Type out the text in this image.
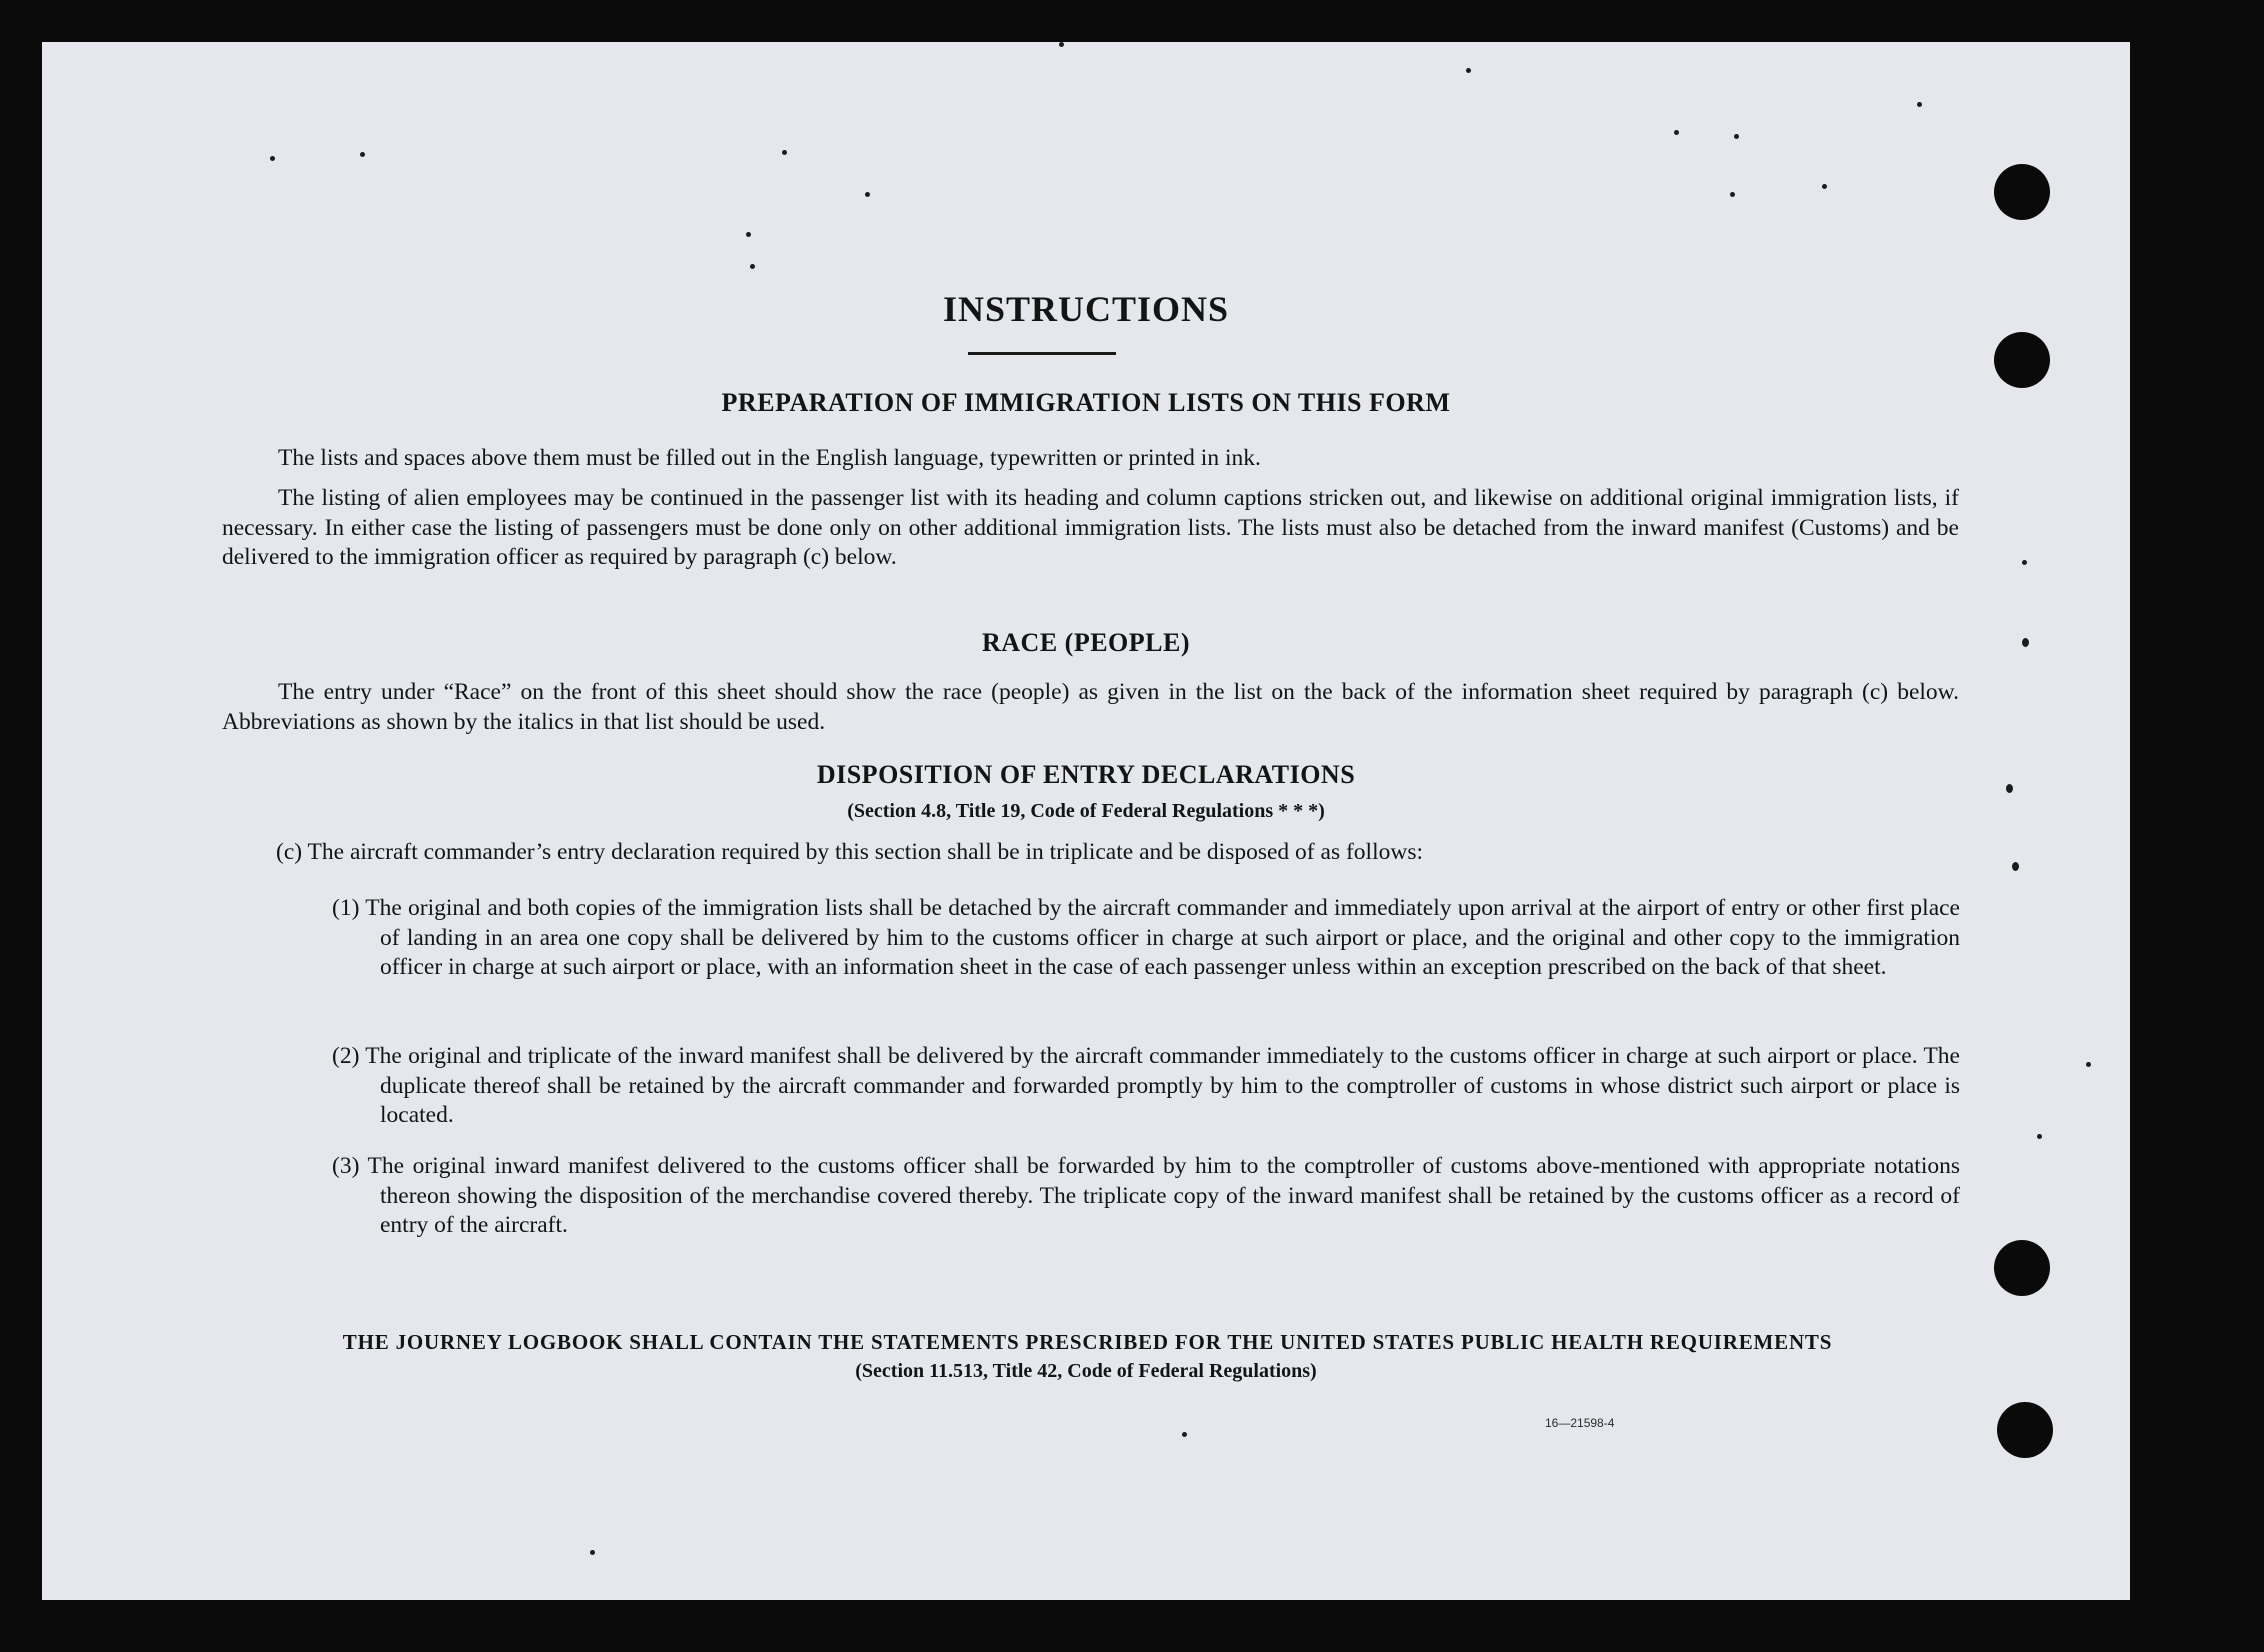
INSTRUCTIONS
PREPARATION OF IMMIGRATION LISTS ON THIS FORM
The lists and spaces above them must be filled out in the English language, typewritten or printed in ink.
The listing of alien employees may be continued in the passenger list with its heading and column captions stricken out, and likewise on additional original immigration lists, if necessary. In either case the listing of passengers must be done only on other additional immigration lists. The lists must also be detached from the inward manifest (Customs) and be delivered to the immigration officer as required by paragraph (c) below.
RACE (PEOPLE)
The entry under “Race” on the front of this sheet should show the race (people) as given in the list on the back of the information sheet required by paragraph (c) below. Abbreviations as shown by the italics in that list should be used.
DISPOSITION OF ENTRY DECLARATIONS
(Section 4.8, Title 19, Code of Federal Regulations * * *)
(c) The aircraft commander’s entry declaration required by this section shall be in triplicate and be disposed of as follows:
(1) The original and both copies of the immigration lists shall be detached by the aircraft commander and immediately upon arrival at the airport of entry or other first place of landing in an area one copy shall be delivered by him to the customs officer in charge at such airport or place, and the original and other copy to the immigration officer in charge at such airport or place, with an information sheet in the case of each passenger unless within an exception prescribed on the back of that sheet.
(2) The original and triplicate of the inward manifest shall be delivered by the aircraft commander immediately to the customs officer in charge at such airport or place. The duplicate thereof shall be retained by the aircraft commander and forwarded promptly by him to the comptroller of customs in whose district such airport or place is located.
(3) The original inward manifest delivered to the customs officer shall be forwarded by him to the comptroller of customs above-mentioned with appropriate notations thereon showing the disposition of the merchandise covered thereby. The triplicate copy of the inward manifest shall be retained by the customs officer as a record of entry of the aircraft.
THE JOURNEY LOGBOOK SHALL CONTAIN THE STATEMENTS PRESCRIBED FOR THE UNITED STATES PUBLIC HEALTH REQUIREMENTS
(Section 11.513, Title 42, Code of Federal Regulations)
16—21598-4
